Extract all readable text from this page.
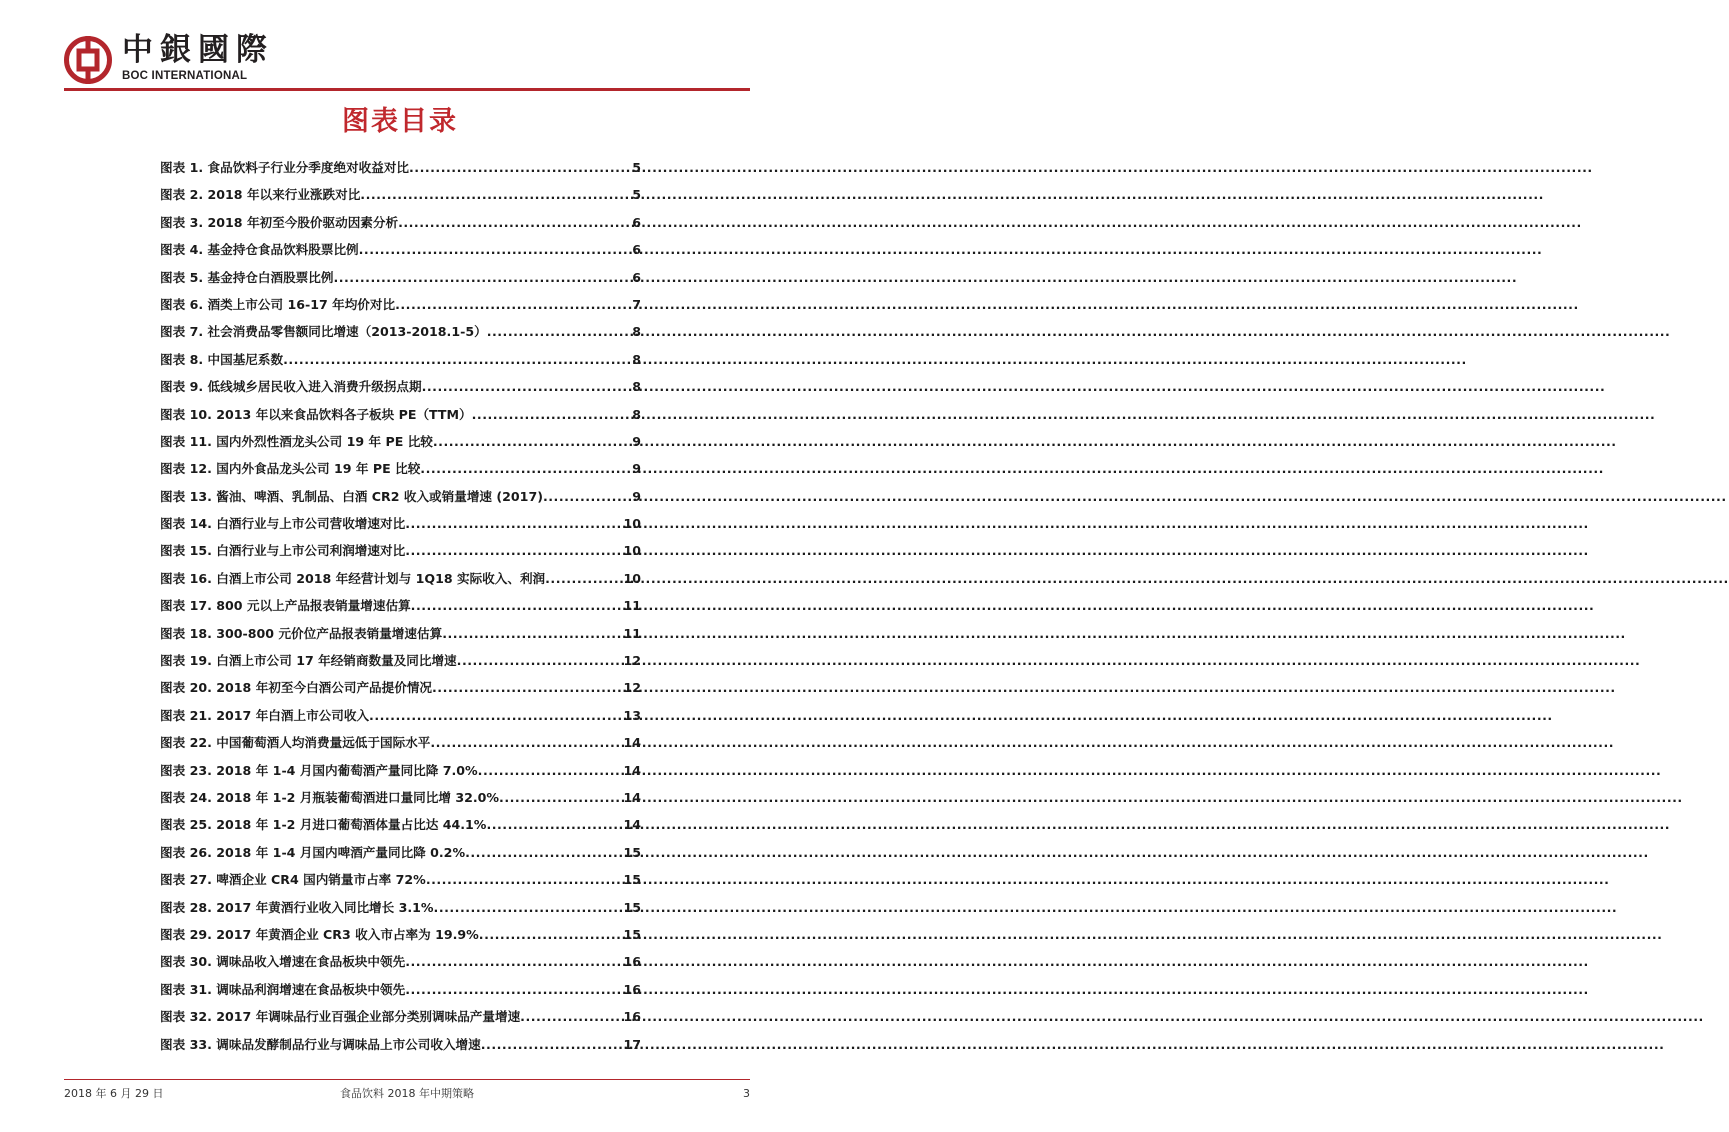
中銀國際
BOC INTERNATIONAL
图表目录
图表 1. 食品饮料子行业分季度绝对收益对比 .....	5
图表 2. 2018 年以来行业涨跌对比 .....	5
图表 3. 2018 年初至今股价驱动因素分析 .....	6
图表 4. 基金持仓食品饮料股票比例 .....	6
图表 5. 基金持仓白酒股票比例 .....	6
图表 6. 酒类上市公司 16-17 年均价对比 .....	7
图表 7. 社会消费品零售额同比增速（2013-2018.1-5） .....	8
图表 8. 中国基尼系数 .....	8
图表 9. 低线城乡居民收入进入消费升级拐点期 .....	8
图表 10. 2013 年以来食品饮料各子板块 PE（TTM） .....	8
图表 11. 国内外烈性酒龙头公司 19 年 PE 比较 .....	9
图表 12. 国内外食品龙头公司 19 年 PE 比较 .....	9
图表 13. 酱油、啤酒、乳制品、白酒 CR2 收入或销量增速 (2017) .....	9
图表 14. 白酒行业与上市公司营收增速对比 .....	10
图表 15. 白酒行业与上市公司利润增速对比 .....	10
图表 16. 白酒上市公司 2018 年经营计划与 1Q18 实际收入、利润 .....	10
图表 17. 800 元以上产品报表销量增速估算 .....	11
图表 18. 300-800 元价位产品报表销量增速估算 .....	11
图表 19. 白酒上市公司 17 年经销商数量及同比增速 .....	12
图表 20. 2018 年初至今白酒公司产品提价情况 .....	12
图表 21. 2017 年白酒上市公司收入 .....	13
图表 22. 中国葡萄酒人均消费量远低于国际水平 .....	14
图表 23. 2018 年 1-4 月国内葡萄酒产量同比降 7.0% .....	14
图表 24. 2018 年 1-2 月瓶装葡萄酒进口量同比增 32.0% .....	14
图表 25. 2018 年 1-2 月进口葡萄酒体量占比达 44.1% .....	14
图表 26. 2018 年 1-4 月国内啤酒产量同比降 0.2% .....	15
图表 27. 啤酒企业 CR4 国内销量市占率 72% .....	15
图表 28. 2017 年黄酒行业收入同比增长 3.1% .....	15
图表 29. 2017 年黄酒企业 CR3 收入市占率为 19.9% .....	15
图表 30. 调味品收入增速在食品板块中领先 .....	16
图表 31. 调味品利润增速在食品板块中领先 .....	16
图表 32. 2017 年调味品行业百强企业部分类别调味品产量增速 .....	16
图表 33. 调味品发酵制品行业与调味品上市公司收入增速 .....	17
2018 年 6 月 29 日	食品饮料 2018 年中期策略	3
